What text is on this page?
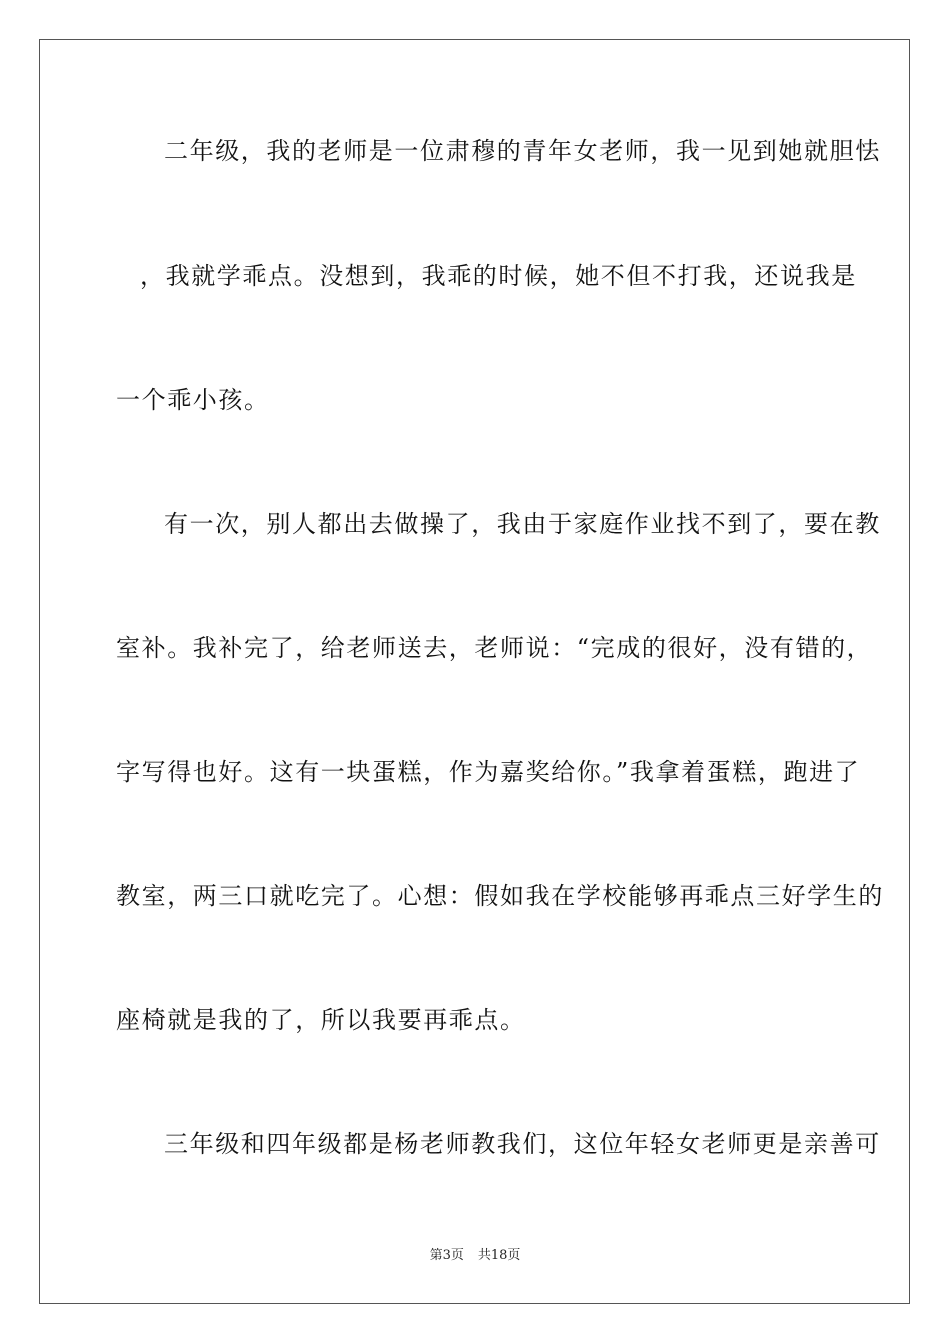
二年级，我的老师是一位肃穆的青年女老师，我一见到她就胆怯
，我就学乖点。没想到，我乖的时候，她不但不打我，还说我是
一个乖小孩。
有一次，别人都出去做操了，我由于家庭作业找不到了，要在教
室补。我补完了，给老师送去，老师说：“完成的很好，没有错的，
字写得也好。这有一块蛋糕，作为嘉奖给你。”我拿着蛋糕，跑进了
教室，两三口就吃完了。心想：假如我在学校能够再乖点三好学生的
座椅就是我的了，所以我要再乖点。
三年级和四年级都是杨老师教我们，这位年轻女老师更是亲善可
第3页 共18页
